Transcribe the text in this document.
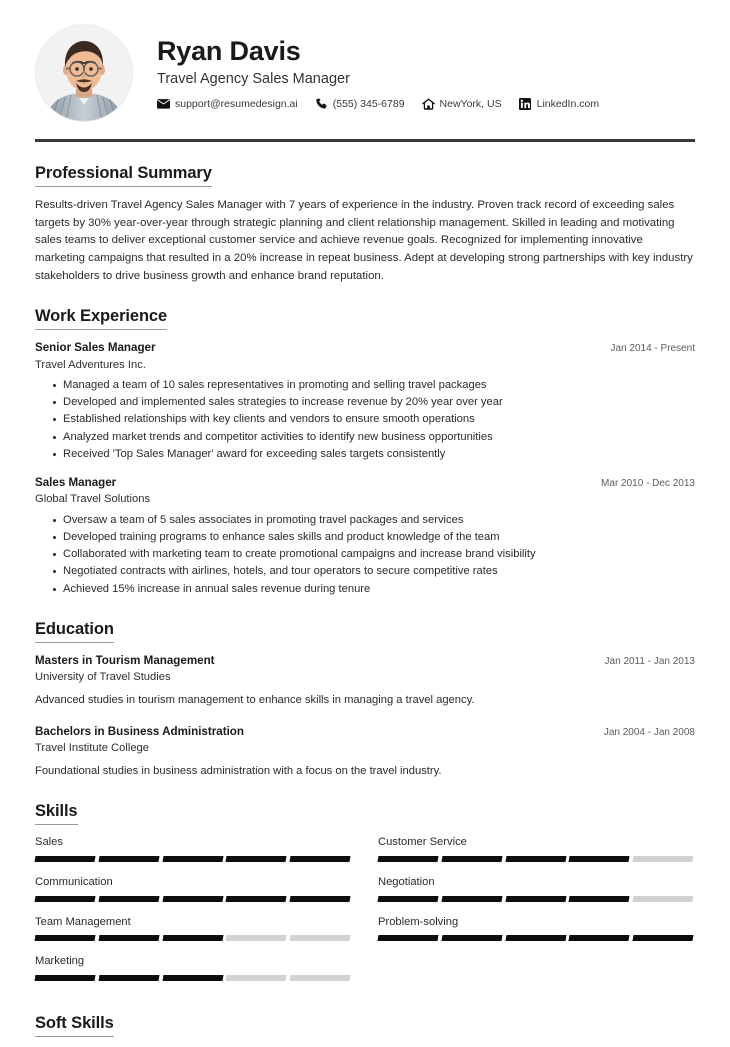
Ryan Davis
Travel Agency Sales Manager
support@resumedesign.ai	(555) 345-6789	NewYork, US	LinkedIn.com
Professional Summary

Results-driven Travel Agency Sales Manager with 7 years of experience in the industry. Proven track record of exceeding sales targets by 30% year-over-year through strategic planning and client relationship management. Skilled in leading and motivating sales teams to deliver exceptional customer service and achieve revenue goals. Recognized for implementing innovative marketing campaigns that resulted in a 20% increase in repeat business. Adept at developing strong partnerships with key industry stakeholders to drive business growth and enhance brand reputation.

Work Experience
Senior Sales Manager	Jan 2014 - Present
Travel Adventures Inc.
Managed a team of 10 sales representatives in promoting and selling travel packages
Developed and implemented sales strategies to increase revenue by 20% year over year
Established relationships with key clients and vendors to ensure smooth operations
Analyzed market trends and competitor activities to identify new business opportunities
Received 'Top Sales Manager' award for exceeding sales targets consistently
Sales Manager	Mar 2010 - Dec 2013
Global Travel Solutions
Oversaw a team of 5 sales associates in promoting travel packages and services
Developed training programs to enhance sales skills and product knowledge of the team
Collaborated with marketing team to create promotional campaigns and increase brand visibility
Negotiated contracts with airlines, hotels, and tour operators to secure competitive rates
Achieved 15% increase in annual sales revenue during tenure
Education
Masters in Tourism Management	Jan 2011 - Jan 2013
University of Travel Studies
Advanced studies in tourism management to enhance skills in managing a travel agency.
Bachelors in Business Administration	Jan 2004 - Jan 2008
Travel Institute College
Foundational studies in business administration with a focus on the travel industry.
Skills
Sales	Customer Service
Communication	Negotiation
Team Management	Problem-solving
Marketing
Soft Skills
